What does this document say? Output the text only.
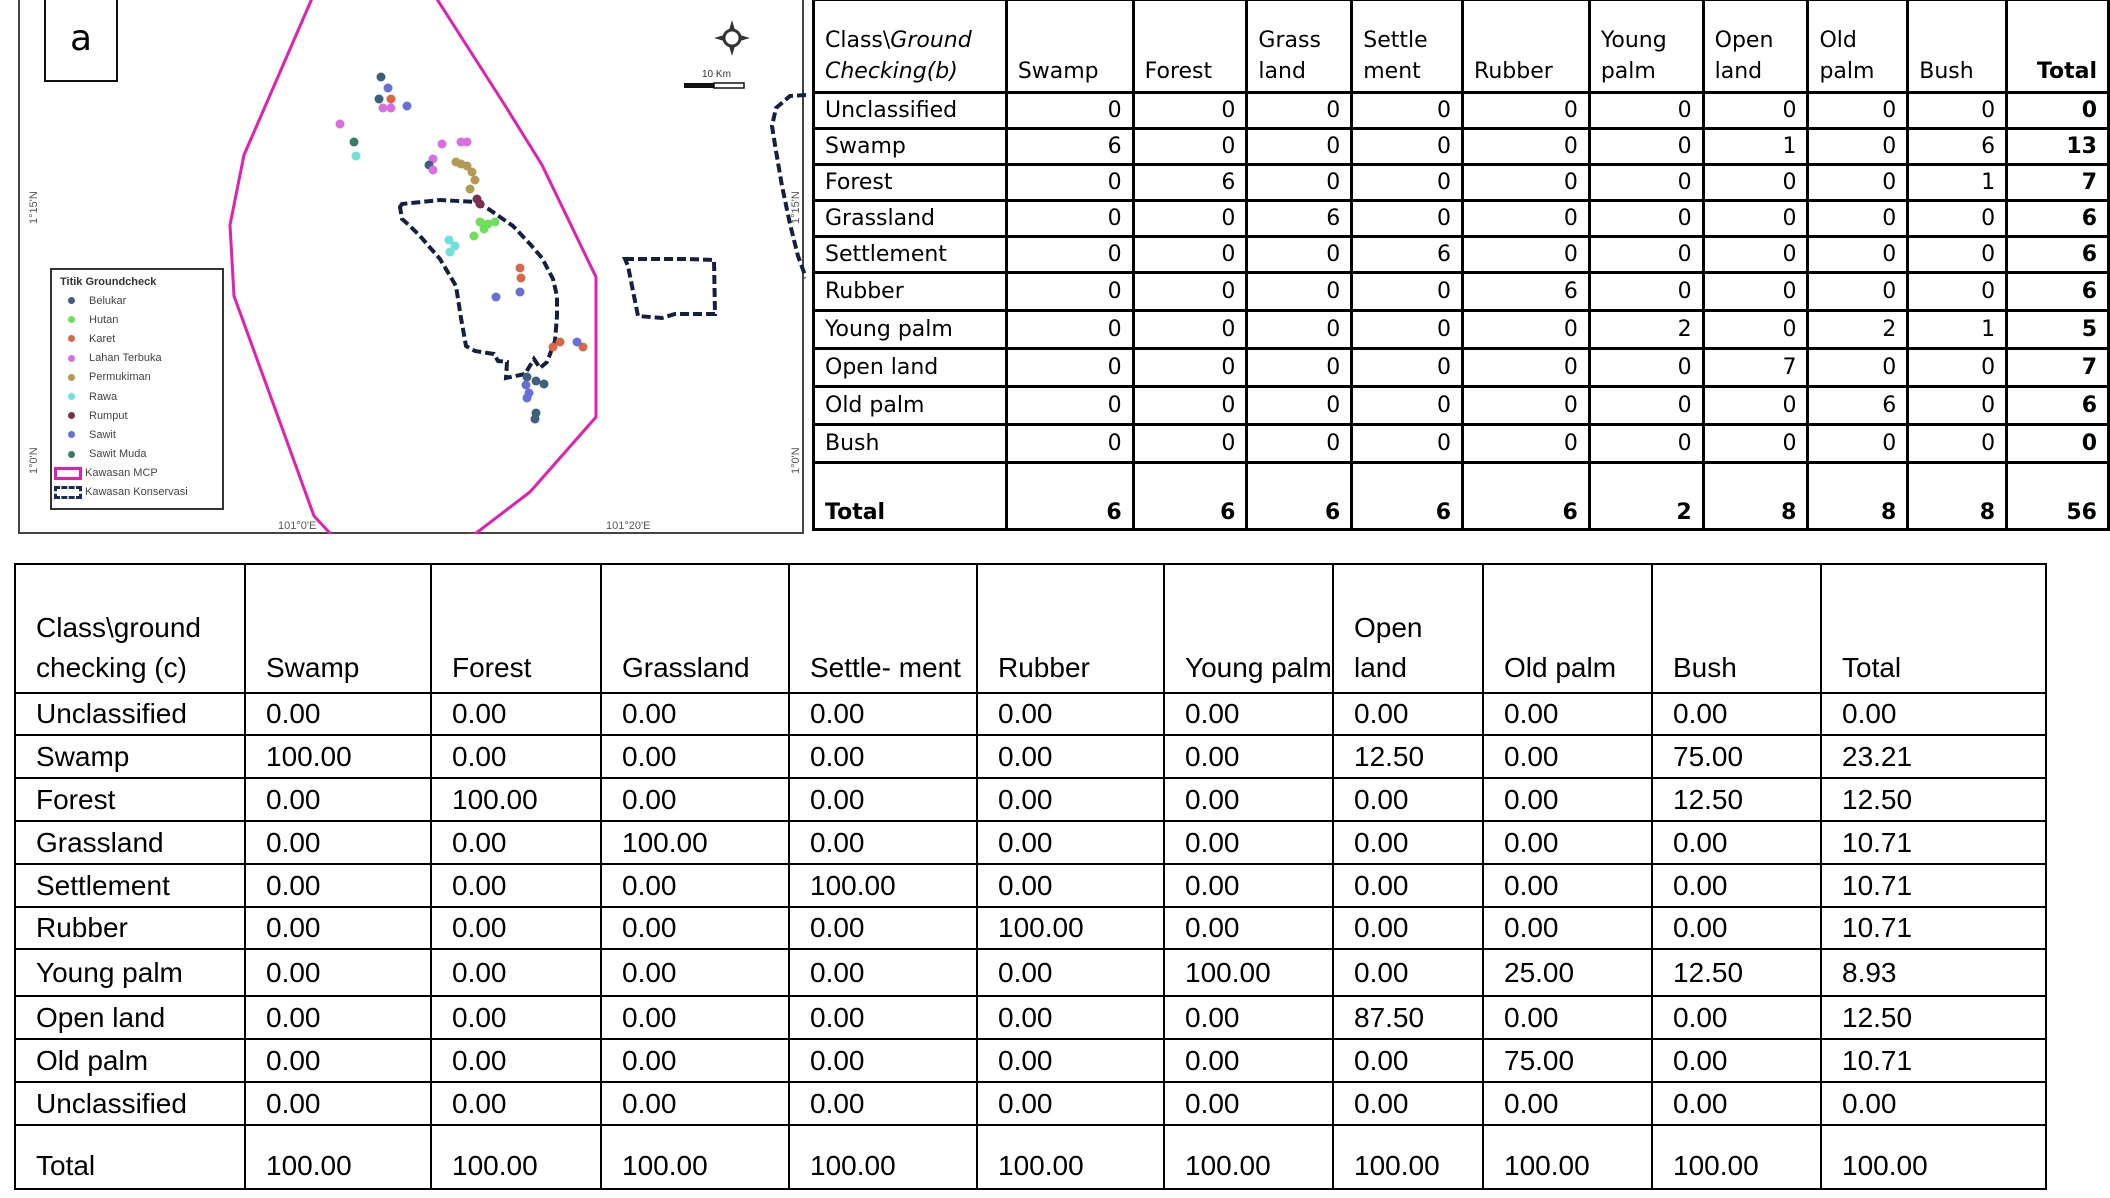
a
101°0'E	101°20'E
1°15'N
1°0'N
1°15'N
1°0'N
10 Km
Titik Groundcheck
Belukar
Hutan
Karet
Lahan Terbuka
Permukiman
Rawa
Rumput
Sawit
Sawit Muda
Kawasan MCP
Kawasan Konservasi
Class\Ground Checking(b)	Swamp	Forest	Grass land	Settle ment	Rubber	Young palm	Open land	Old palm	Bush	Total
Unclassified	0	0	0	0	0	0	0	0	0	0
Swamp	6	0	0	0	0	0	1	0	6	13
Forest	0	6	0	0	0	0	0	0	1	7
Grassland	0	0	6	0	0	0	0	0	0	6
Settlement	0	0	0	6	0	0	0	0	0	6
Rubber	0	0	0	0	6	0	0	0	0	6
Young palm	0	0	0	0	0	2	0	2	1	5
Open land	0	0	0	0	0	0	7	0	0	7
Old palm	0	0	0	0	0	0	0	6	0	6
Bush	0	0	0	0	0	0	0	0	0	0
Total	6	6	6	6	6	2	8	8	8	56
Class\ground checking (c)	Swamp	Forest	Grassland	Settle- ment	Rubber	Young palm	Open land	Old palm	Bush	Total
Unclassified	0.00	0.00	0.00	0.00	0.00	0.00	0.00	0.00	0.00	0.00
Swamp	100.00	0.00	0.00	0.00	0.00	0.00	12.50	0.00	75.00	23.21
Forest	0.00	100.00	0.00	0.00	0.00	0.00	0.00	0.00	12.50	12.50
Grassland	0.00	0.00	100.00	0.00	0.00	0.00	0.00	0.00	0.00	10.71
Settlement	0.00	0.00	0.00	100.00	0.00	0.00	0.00	0.00	0.00	10.71
Rubber	0.00	0.00	0.00	0.00	100.00	0.00	0.00	0.00	0.00	10.71
Young palm	0.00	0.00	0.00	0.00	0.00	100.00	0.00	25.00	12.50	8.93
Open land	0.00	0.00	0.00	0.00	0.00	0.00	87.50	0.00	0.00	12.50
Old palm	0.00	0.00	0.00	0.00	0.00	0.00	0.00	75.00	0.00	10.71
Unclassified	0.00	0.00	0.00	0.00	0.00	0.00	0.00	0.00	0.00	0.00
Total	100.00	100.00	100.00	100.00	100.00	100.00	100.00	100.00	100.00	100.00
